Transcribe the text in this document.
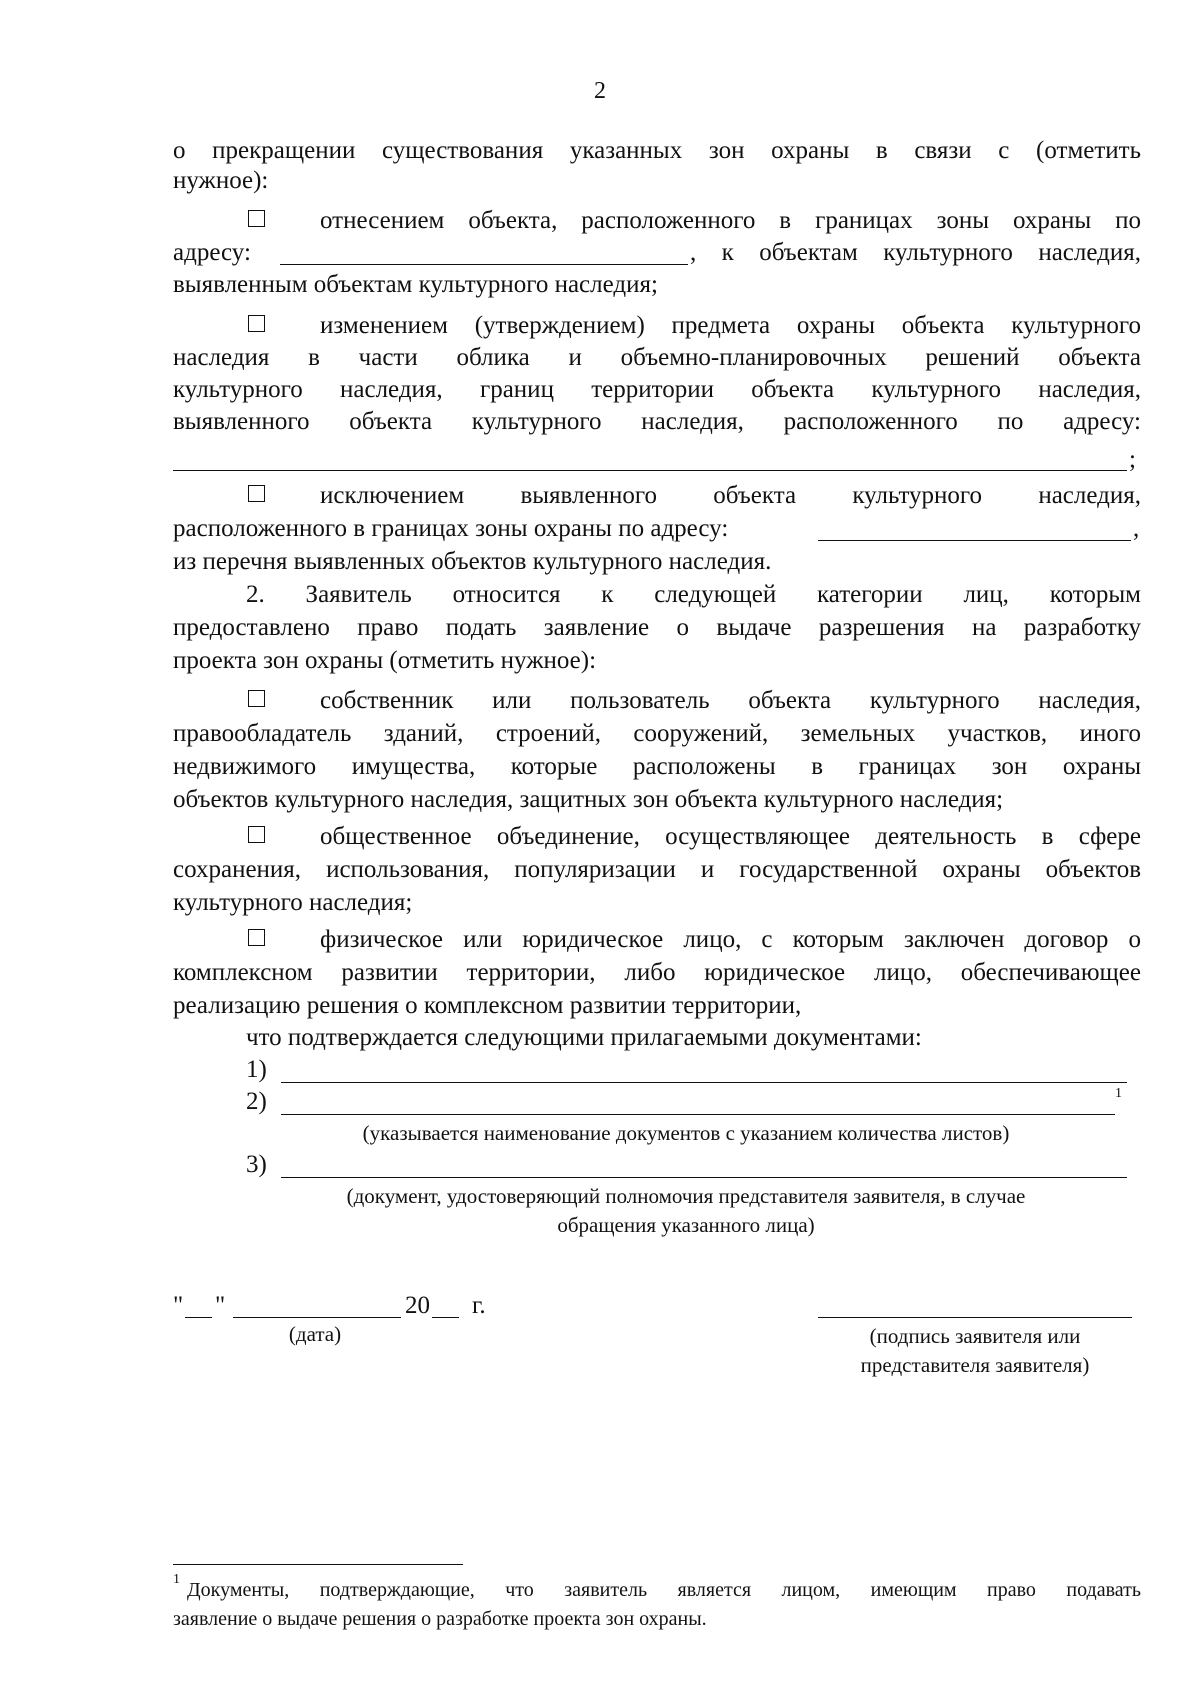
2
о прекращении существования указанных зон охраны в связи с (отметить
нужное):
отнесением объекта, расположенного в границах зоны охраны по
адресу:	, к объектам культурного наследия,
выявленным объектам культурного наследия;
изменением (утверждением) предмета охраны объекта культурного
наследия в части облика и объемно-планировочных решений объекта
культурного наследия, границ территории объекта культурного наследия,
выявленного объекта культурного наследия, расположенного по адресу:
;
исключением выявленного объекта культурного наследия,
расположенного в границах зоны охраны по адресу:	,
из перечня выявленных объектов культурного наследия.
2. Заявитель относится к следующей категории лиц, которым
предоставлено право подать заявление о выдаче разрешения на разработку
проекта зон охраны (отметить нужное):
собственник или пользователь объекта культурного наследия,
правообладатель зданий, строений, сооружений, земельных участков, иного
недвижимого имущества, которые расположены в границах зон охраны
объектов культурного наследия, защитных зон объекта культурного наследия;
общественное объединение, осуществляющее деятельность в сфере
сохранения, использования, популяризации и государственной охраны объектов
культурного наследия;
физическое или юридическое лицо, с которым заключен договор о
комплексном развитии территории, либо юридическое лицо, обеспечивающее
реализацию решения о комплексном развитии территории,
что подтверждается следующими прилагаемыми документами:
1)
2)	1
(указывается наименование документов с указанием количества листов)
3)
(документ, удостоверяющий полномочия представителя заявителя, в случае
обращения указанного лица)
" "	20 г.
(дата)	(подпись заявителя или
представителя заявителя)
1 Документы, подтверждающие, что заявитель является лицом, имеющим право подавать
заявление о выдаче решения о разработке проекта зон охраны.
